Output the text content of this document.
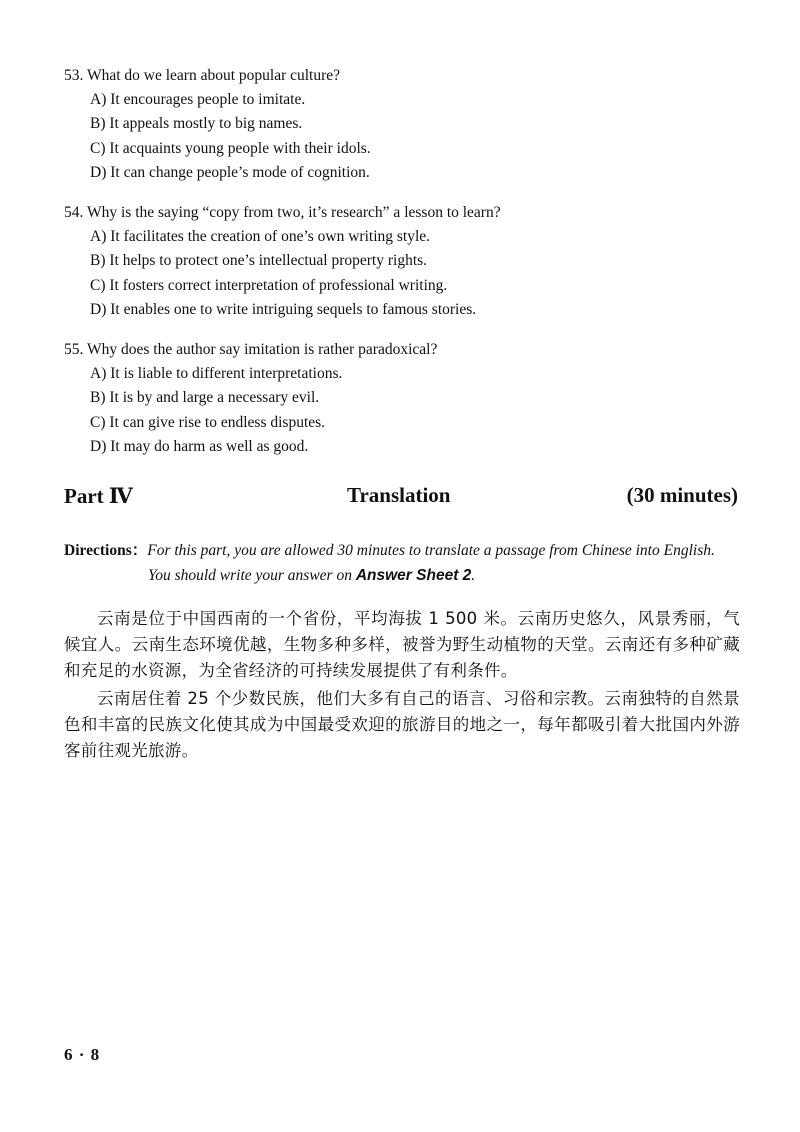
53. What do we learn about popular culture?
A) It encourages people to imitate.
B) It appeals mostly to big names.
C) It acquaints young people with their idols.
D) It can change people’s mode of cognition.
54. Why is the saying “copy from two, it’s research” a lesson to learn?
A) It facilitates the creation of one’s own writing style.
B) It helps to protect one’s intellectual property rights.
C) It fosters correct interpretation of professional writing.
D) It enables one to write intriguing sequels to famous stories.
55. Why does the author say imitation is rather paradoxical?
A) It is liable to different interpretations.
B) It is by and large a necessary evil.
C) It can give rise to endless disputes.
D) It may do harm as well as good.
Part Ⅳ	Translation	(30 minutes)
Directions：For this part, you are allowed 30 minutes to translate a passage from Chinese into English.
You should write your answer on Answer Sheet 2.

云南是位于中国西南的一个省份，平均海拔 1 500 米。云南历史悠久，风景秀丽，气候宜人。云南生态环境优越，生物多种多样，被誉为野生动植物的天堂。云南还有多种矿藏和充足的水资源，为全省经济的可持续发展提供了有利条件。

云南居住着 25 个少数民族，他们大多有自己的语言、习俗和宗教。云南独特的自然景色和丰富的民族文化使其成为中国最受欢迎的旅游目的地之一，每年都吸引着大批国内外游客前往观光旅游。

6 · 8
